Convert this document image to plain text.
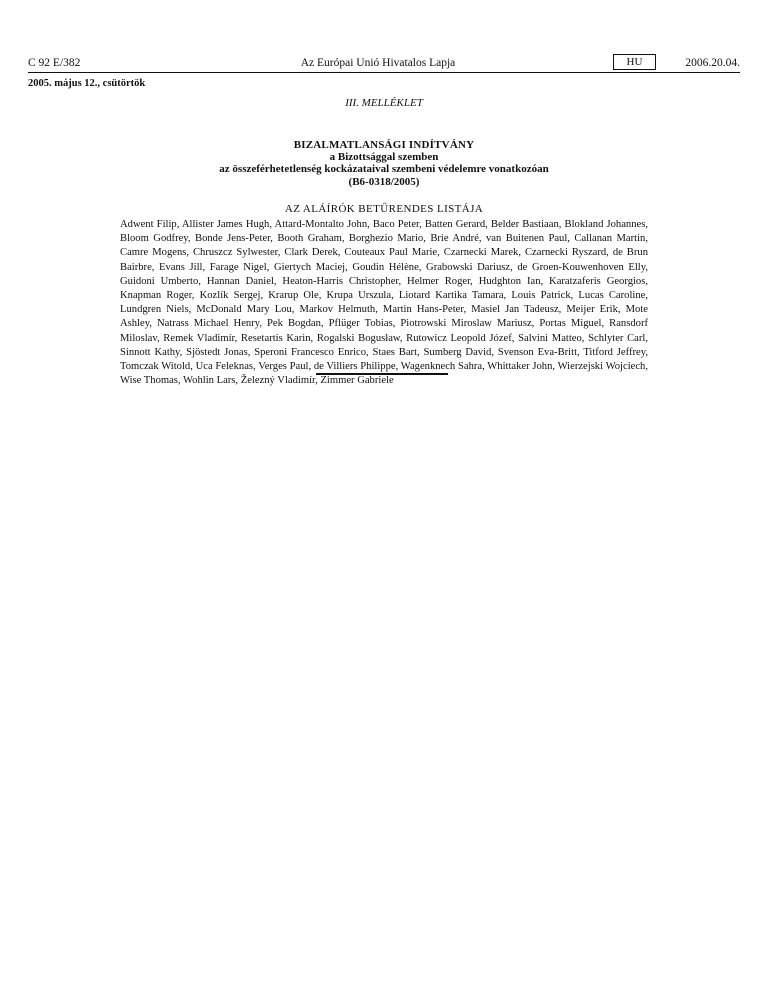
C 92 E/382	Az Európai Unió Hivatalos Lapja	HU	2006.20.04.
2005. május 12., csütörtök
III. MELLÉKLET
BIZALMATLANSÁGI INDÍTVÁNY
a Bizottsággal szemben
az összeférhetetlenség kockázataival szembeni védelemre vonatkozóan
(B6-0318/2005)
AZ ALÁÍRÓK BETŰRENDES LISTÁJA
Adwent Filip, Allister James Hugh, Attard-Montalto John, Baco Peter, Batten Gerard, Belder Bastiaan, Blokland Johannes, Bloom Godfrey, Bonde Jens-Peter, Booth Graham, Borghezio Mario, Brie André, van Buitenen Paul, Callanan Martin, Camre Mogens, Chruszcz Sylwester, Clark Derek, Couteaux Paul Marie, Czarnecki Marek, Czarnecki Ryszard, de Brun Bairbre, Evans Jill, Farage Nigel, Giertych Maciej, Goudin Hélène, Grabowski Dariusz, de Groen-Kouwenhoven Elly, Guidoni Umberto, Hannan Daniel, Heaton-Harris Christopher, Helmer Roger, Hudghton Ian, Karatzaferis Georgios, Knapman Roger, Kozlík Sergej, Krarup Ole, Krupa Urszula, Liotard Kartika Tamara, Louis Patrick, Lucas Caroline, Lundgren Niels, McDonald Mary Lou, Markov Helmuth, Martin Hans-Peter, Masiel Jan Tadeusz, Meijer Erik, Mote Ashley, Natrass Michael Henry, Pek Bogdan, Pflüger Tobias, Piotrowski Miroslaw Mariusz, Portas Miguel, Ransdorf Miloslav, Remek Vladimír, Resetartis Karin, Rogalski Bogusław, Rutowicz Leopold Józef, Salvini Matteo, Schlyter Carl, Sinnott Kathy, Sjöstedt Jonas, Speroni Francesco Enrico, Staes Bart, Sumberg David, Svenson Eva-Britt, Titford Jeffrey, Tomczak Witold, Uca Feleknas, Verges Paul, de Villiers Philippe, Wagenknech Sahra, Whittaker John, Wierzejski Wojciech, Wise Thomas, Wohlin Lars, Železný Vladimír, Zimmer Gabriele
